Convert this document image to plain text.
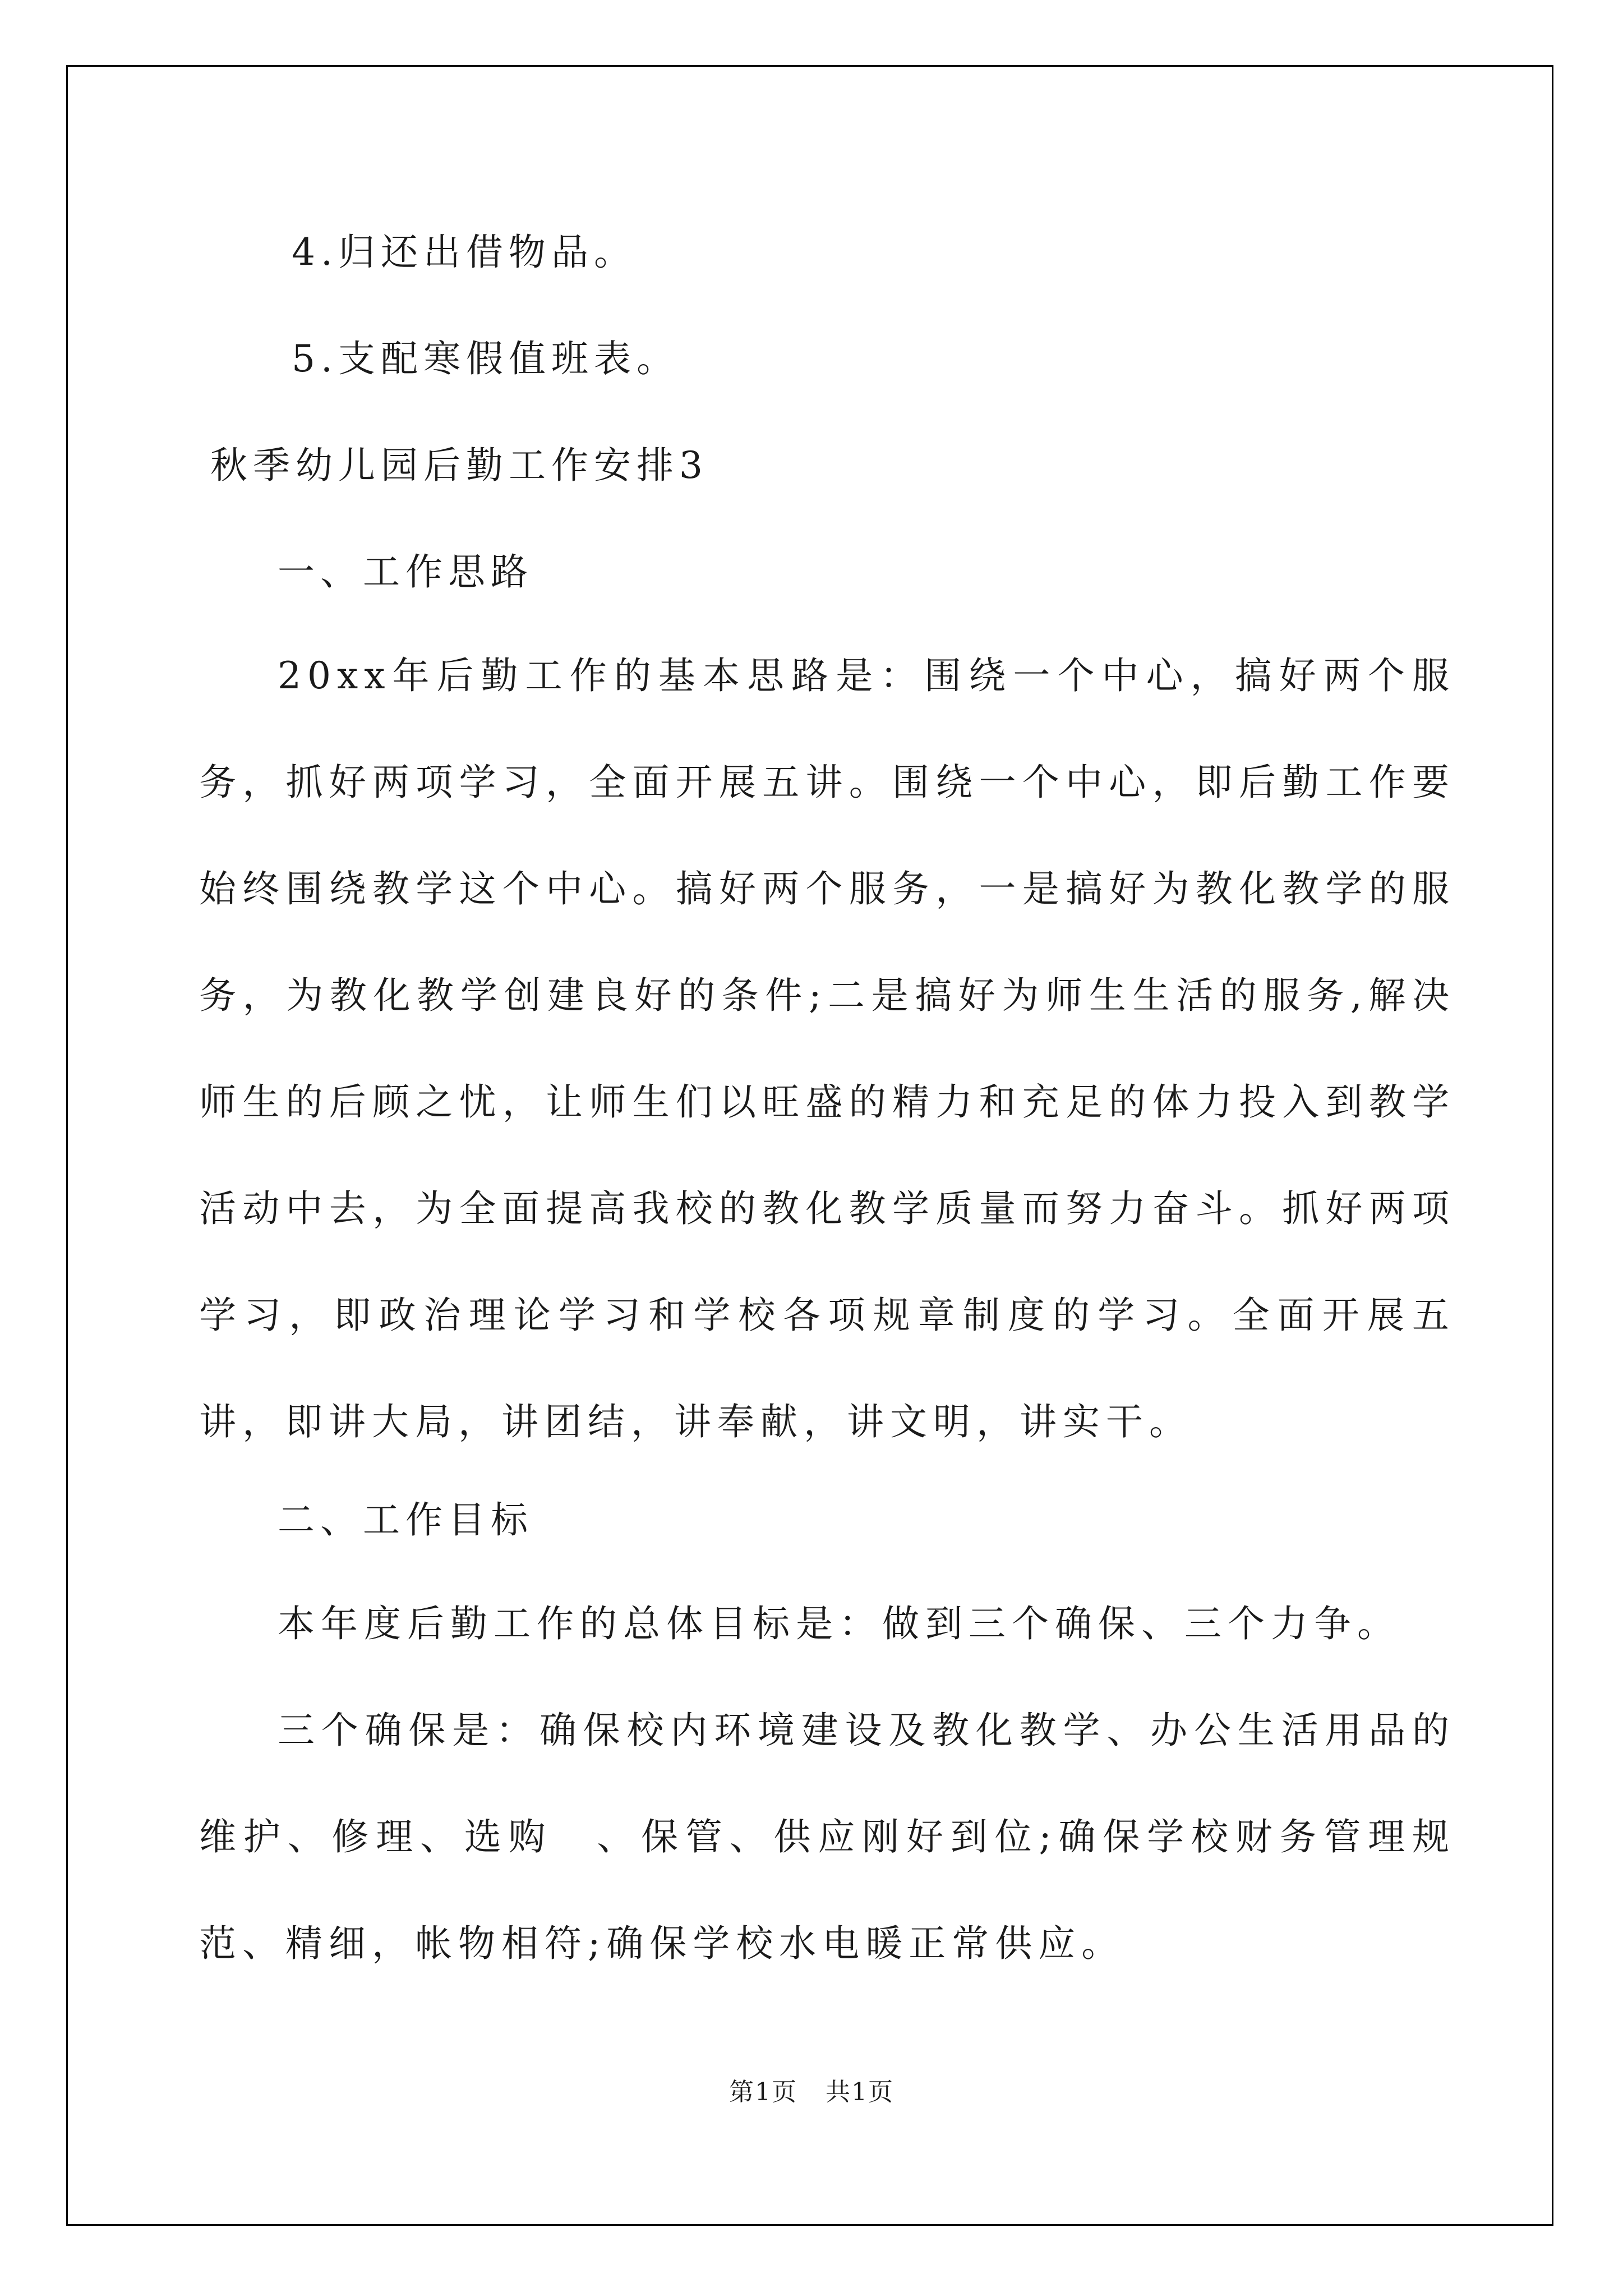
4.归还出借物品。
5.支配寒假值班表。
秋季幼儿园后勤工作安排3
一、工作思路
20xx年后勤工作的基本思路是：围绕一个中心，搞好两个服务，抓好两项学习，全面开展五讲。围绕一个中心，即后勤工作要始终围绕教学这个中心。搞好两个服务，一是搞好为教化教学的服务，为教化教学创建良好的条件;二是搞好为师生生活的服务,解决师生的后顾之忧，让师生们以旺盛的精力和充足的体力投入到教学活动中去，为全面提高我校的教化教学质量而努力奋斗。抓好两项学习，即政治理论学习和学校各项规章制度的学习。全面开展五讲，即讲大局，讲团结，讲奉献，讲文明，讲实干。
二、工作目标
本年度后勤工作的总体目标是：做到三个确保、三个力争。
三个确保是：确保校内环境建设及教化教学、办公生活用品的维护、修理、选购　、保管、供应刚好到位;确保学校财务管理规范、精细，帐物相符;确保学校水电暖正常供应。
第1页 共1页
